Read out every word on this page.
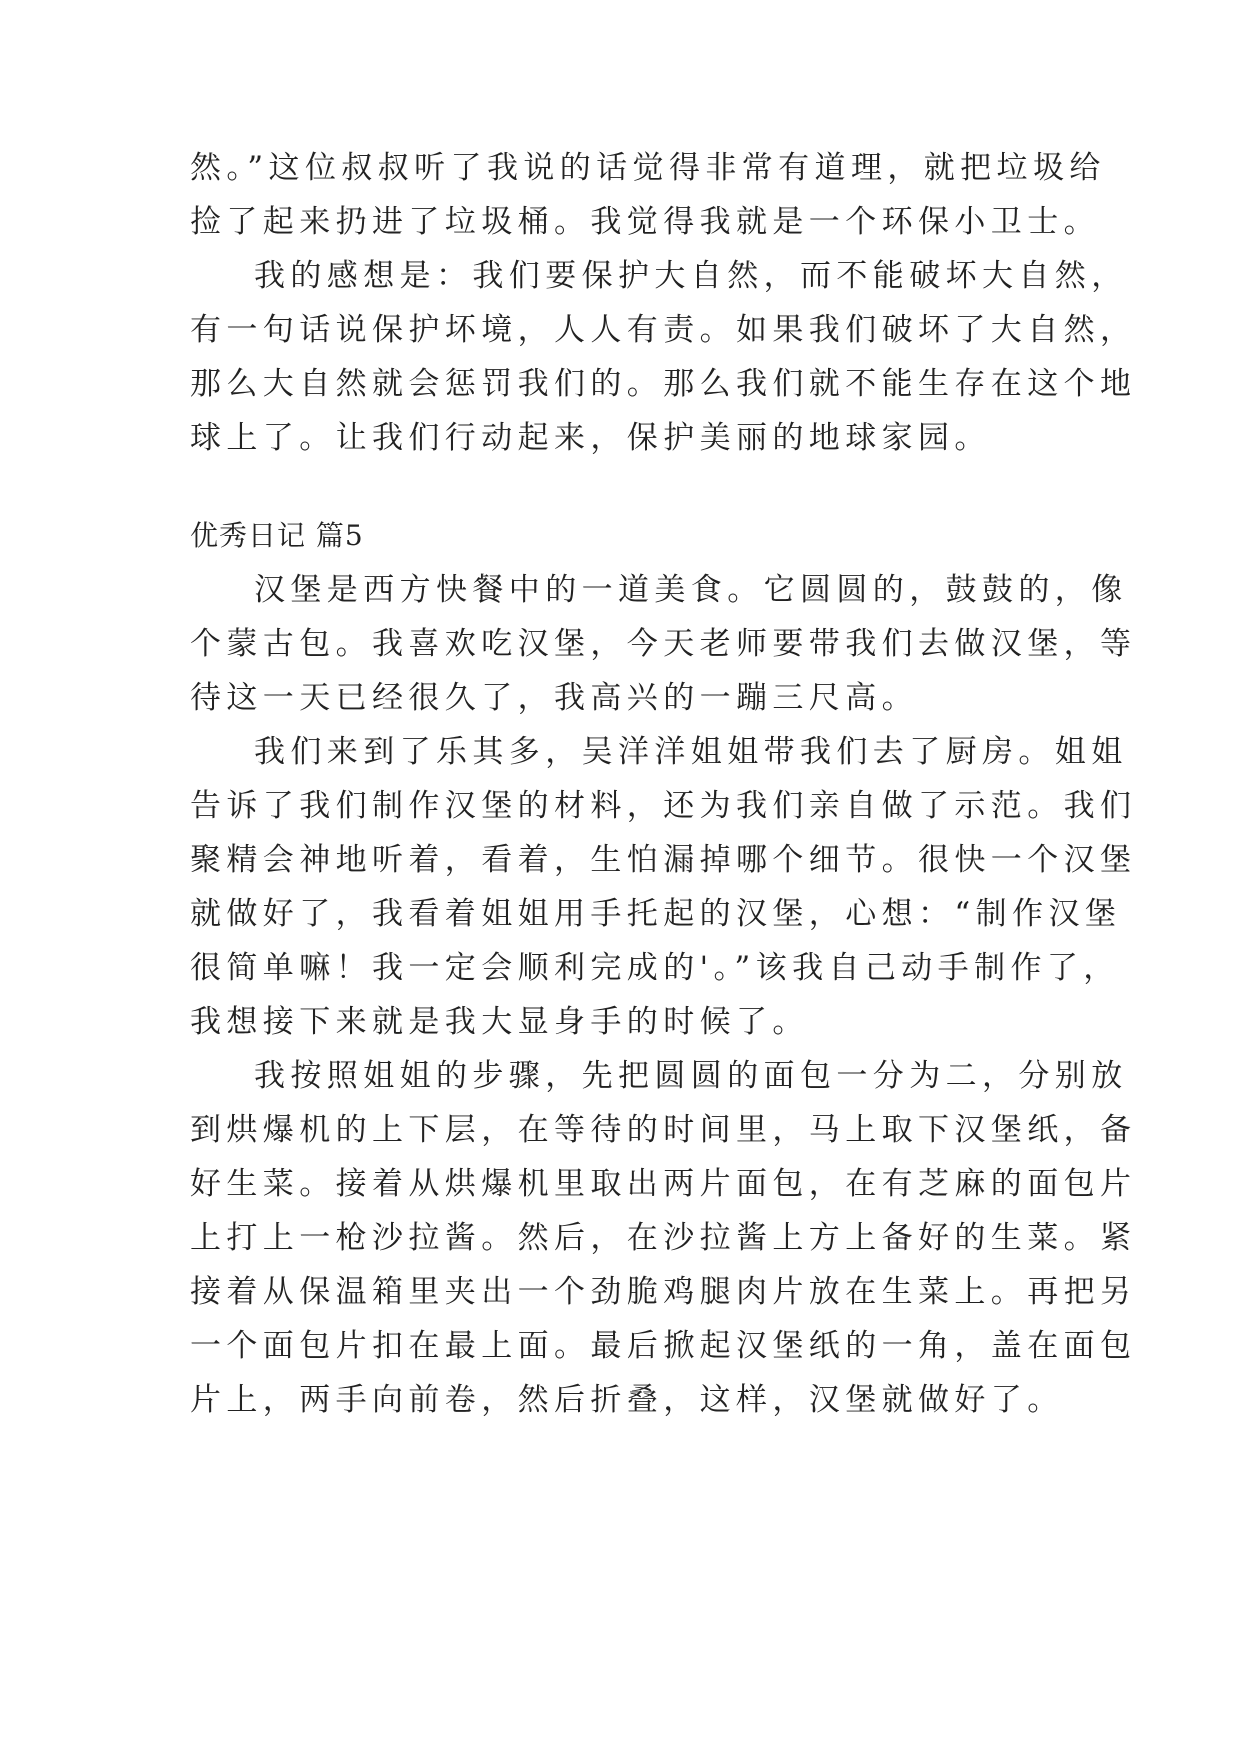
然。”这位叔叔听了我说的话觉得非常有道理，就把垃圾给
捡了起来扔进了垃圾桶。我觉得我就是一个环保小卫士。
我的感想是：我们要保护大自然，而不能破坏大自然，
有一句话说保护坏境，人人有责。如果我们破坏了大自然，
那么大自然就会惩罚我们的。那么我们就不能生存在这个地
球上了。让我们行动起来，保护美丽的地球家园。
优秀日记 篇5
汉堡是西方快餐中的一道美食。它圆圆的，鼓鼓的，像
个蒙古包。我喜欢吃汉堡，今天老师要带我们去做汉堡，等
待这一天已经很久了，我高兴的一蹦三尺高。
我们来到了乐其多，吴洋洋姐姐带我们去了厨房。姐姐
告诉了我们制作汉堡的材料，还为我们亲自做了示范。我们
聚精会神地听着，看着，生怕漏掉哪个细节。很快一个汉堡
就做好了，我看着姐姐用手托起的汉堡，心想：“制作汉堡
很简单嘛！我一定会顺利完成的'。”该我自己动手制作了，
我想接下来就是我大显身手的时候了。
我按照姐姐的步骤，先把圆圆的面包一分为二，分别放
到烘爆机的上下层，在等待的时间里，马上取下汉堡纸，备
好生菜。接着从烘爆机里取出两片面包，在有芝麻的面包片
上打上一枪沙拉酱。然后，在沙拉酱上方上备好的生菜。紧
接着从保温箱里夹出一个劲脆鸡腿肉片放在生菜上。再把另
一个面包片扣在最上面。最后掀起汉堡纸的一角，盖在面包
片上，两手向前卷，然后折叠，这样，汉堡就做好了。
